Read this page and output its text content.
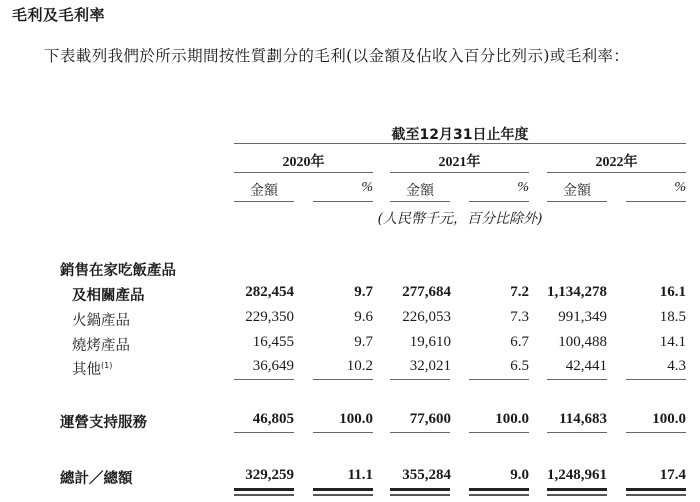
毛利及毛利率
下表載列我們於所示期間按性質劃分的毛利(以金額及佔收入百分比列示)或毛利率：
截至12月31日止年度
2020年	2021年	2022年
金額	%	金額	%	金額	%
(人民幣千元，百分比除外)
銷售在家吃飯產品
及相關產品	282,454	9.7	277,684	7.2	1,134,278	16.1
火鍋產品	229,350	9.6	226,053	7.3	991,349	18.5
燒烤產品	16,455	9.7	19,610	6.7	100,488	14.1
其他$^{(1)}$	36,649	10.2	32,021	6.5	42,441	4.3
運營支持服務	46,805	100.0	77,600	100.0	114,683	100.0
總計／總額	329,259	11.1	355,284	9.0	1,248,961	17.4
